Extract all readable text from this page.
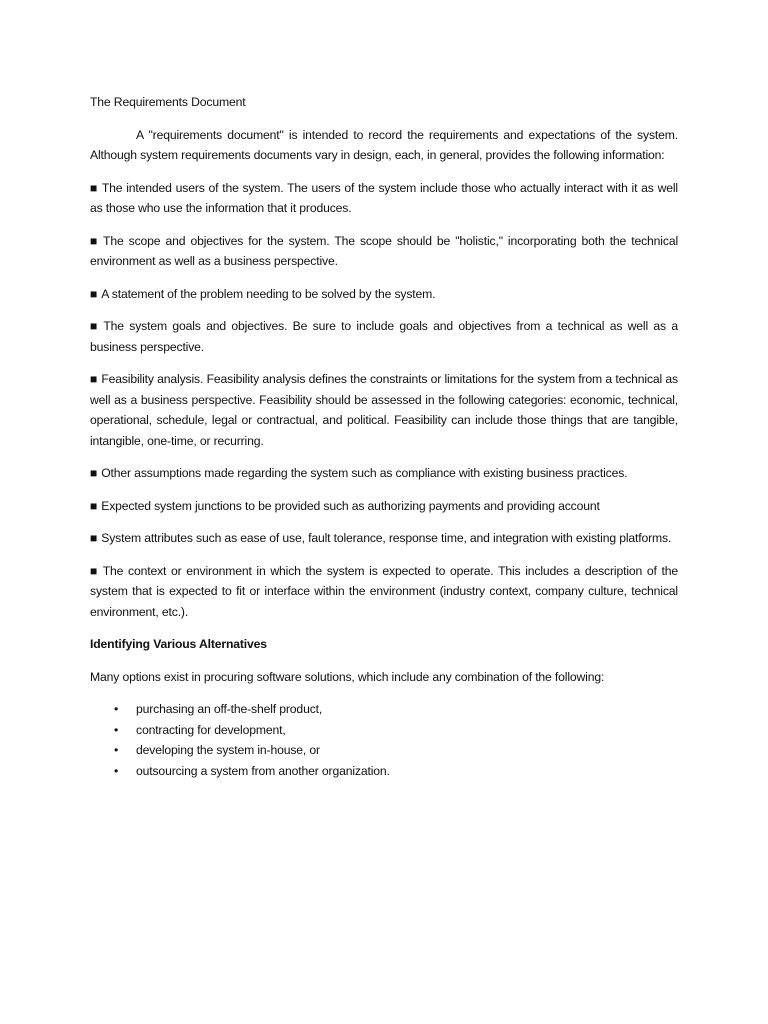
The Requirements Document

A "requirements document" is intended to record the requirements and expectations of the system. Although system requirements documents vary in design, each, in general, provides the following information:

■ The intended users of the system. The users of the system include those who actually interact with it as well as those who use the information that it produces.

■ The scope and objectives for the system. The scope should be "holistic," incorporating both the technical environment as well as a business perspective.

■ A statement of the problem needing to be solved by the system.

■ The system goals and objectives. Be sure to include goals and objectives from a technical as well as a business perspective.

■ Feasibility analysis. Feasibility analysis defines the constraints or limitations for the system from a technical as well as a business perspective. Feasibility should be assessed in the following categories: economic, technical, operational, schedule, legal or contractual, and political. Feasibility can include those things that are tangible, intangible, one-time, or recurring.

■ Other assumptions made regarding the system such as compliance with existing business practices.

■ Expected system junctions to be provided such as authorizing payments and providing account

■ System attributes such as ease of use, fault tolerance, response time, and integration with existing platforms.

■ The context or environment in which the system is expected to operate. This includes a description of the system that is expected to fit or interface within the environment (industry context, company culture, technical environment, etc.).

Identifying Various Alternatives

Many options exist in procuring software solutions, which include any combination of the following:

• purchasing an off-the-shelf product,
• contracting for development,
• developing the system in-house, or
• outsourcing a system from another organization.
